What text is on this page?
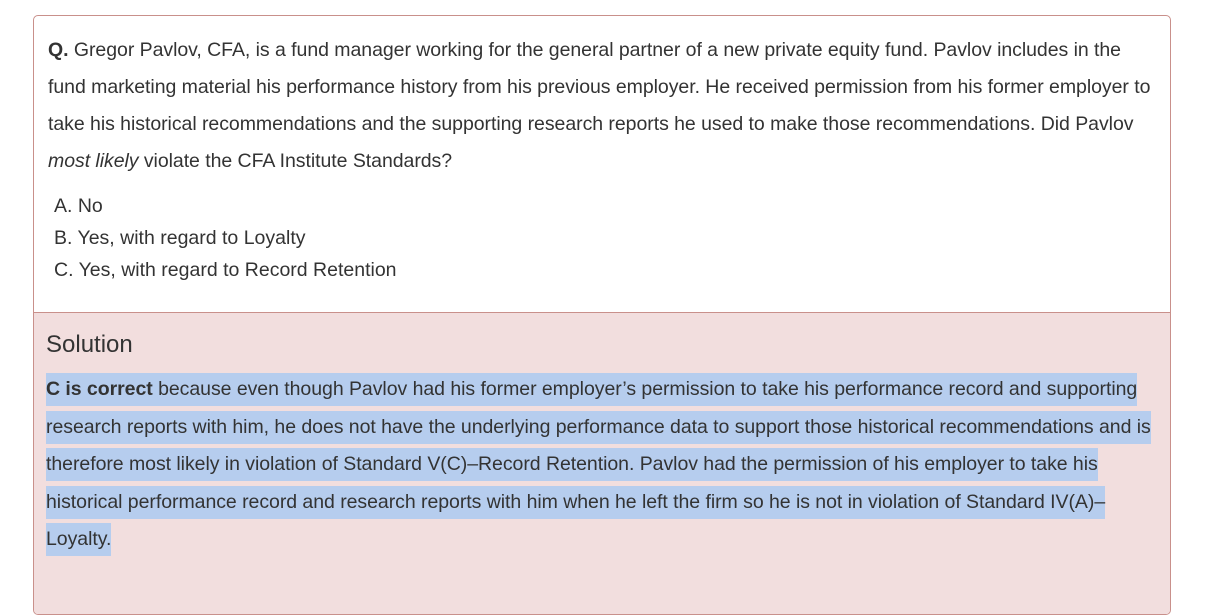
Q. Gregor Pavlov, CFA, is a fund manager working for the general partner of a new private equity fund. Pavlov includes in the fund marketing material his performance history from his previous employer. He received permission from his former employer to take his historical recommendations and the supporting research reports he used to make those recommendations. Did Pavlov most likely violate the CFA Institute Standards?

A. No
B. Yes, with regard to Loyalty
C. Yes, with regard to Record Retention
Solution

C is correct because even though Pavlov had his former employer’s permission to take his performance record and supporting research reports with him, he does not have the underlying performance data to support those historical recommendations and is therefore most likely in violation of Standard V(C)–Record Retention. Pavlov had the permission of his employer to take his historical performance record and research reports with him when he left the firm so he is not in violation of Standard IV(A)–Loyalty.
